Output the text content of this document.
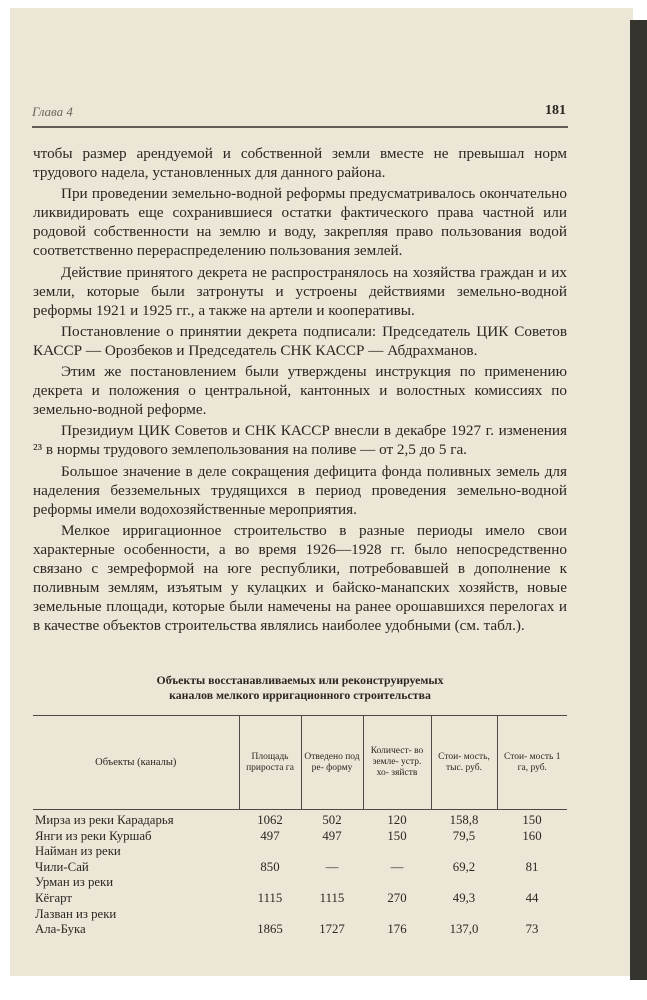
Глава 4	181

чтобы размер арендуемой и собственной земли вместе не превышал норм трудового надела, установленных для данного района.

При проведении земельно-водной реформы предусматривалось окончательно ликвидировать еще сохранившиеся остатки фактического права частной или родовой собственности на землю и воду, закрепляя право пользования водой соответственно перераспределению пользования землей.

Действие принятого декрета не распространялось на хозяйства граждан и их земли, которые были затронуты и устроены действиями земельно-водной реформы 1921 и 1925 гг., а также на артели и кооперативы.

Постановление о принятии декрета подписали: Председатель ЦИК Советов КАССР — Орозбеков и Председатель СНК КАССР — Абдрахманов.

Этим же постановлением были утверждены инструкция по применению декрета и положения о центральной, кантонных и волостных комиссиях по земельно-водной реформе.

Президиум ЦИК Советов и СНК КАССР внесли в декабре 1927 г. изменения ²³ в нормы трудового землепользования на поливе — от 2,5 до 5 га.

Большое значение в деле сокращения дефицита фонда поливных земель для наделения безземельных трудящихся в период проведения земельно-водной реформы имели водохозяйственные мероприятия.

Мелкое ирригационное строительство в разные периоды имело свои характерные особенности, а во время 1926—1928 гг. было непосредственно связано с земреформой на юге республики, потребовавшей в дополнение к поливным землям, изъятым у кулацких и байско-манапских хозяйств, новые земельные площади, которые были намечены на ранее орошавшихся перелогах и в качестве объектов строительства являлись наиболее удобными (см. табл.).

Объекты восстанавливаемых или реконструируемых
каналов мелкого ирригационного строительства
Объекты (каналы)	Площадь прироста га	Отведено под ре- форму	Количест- во земле- устр. хо- зяйств	Стои- мость, тыс. руб.	Стои- мость 1 га, руб.
Мирза из реки Карадарья	1062	502	120	158,8	150
Янги из реки Куршаб	497	497	150	79,5	160
Найман из реки					
Чили-Сай	850	—	—	69,2	81
Урман из реки					
Кёгарт	1115	1115	270	49,3	44
Лазван из реки					
Ала-Бука	1865	1727	176	137,0	73
